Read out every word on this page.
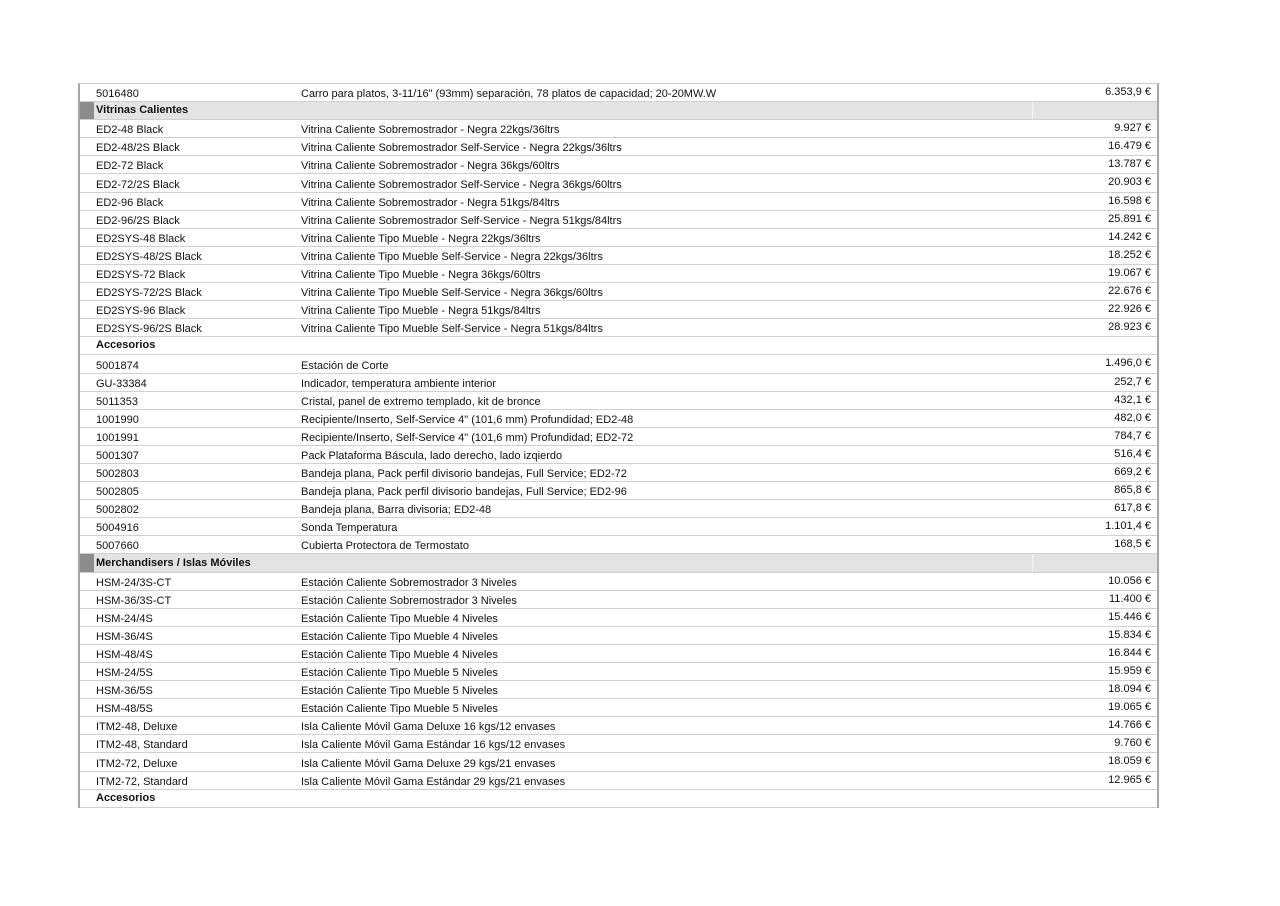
5016480	Carro para platos, 3-11/16" (93mm) separación, 78 platos de capacidad; 20-20MW.W	6.353,9 €
Vitrinas Calientes
ED2-48 Black	Vitrina Caliente Sobremostrador - Negra 22kgs/36ltrs	9.927 €
ED2-48/2S Black	Vitrina Caliente Sobremostrador Self-Service - Negra 22kgs/36ltrs	16.479 €
ED2-72 Black	Vitrina Caliente Sobremostrador - Negra 36kgs/60ltrs	13.787 €
ED2-72/2S Black	Vitrina Caliente Sobremostrador Self-Service - Negra 36kgs/60ltrs	20.903 €
ED2-96 Black	Vitrina Caliente Sobremostrador - Negra 51kgs/84ltrs	16.598 €
ED2-96/2S Black	Vitrina Caliente Sobremostrador Self-Service - Negra 51kgs/84ltrs	25.891 €
ED2SYS-48 Black	Vitrina Caliente Tipo Mueble - Negra 22kgs/36ltrs	14.242 €
ED2SYS-48/2S Black	Vitrina Caliente Tipo Mueble Self-Service - Negra 22kgs/36ltrs	18.252 €
ED2SYS-72 Black	Vitrina Caliente Tipo Mueble - Negra 36kgs/60ltrs	19.067 €
ED2SYS-72/2S Black	Vitrina Caliente Tipo Mueble Self-Service - Negra 36kgs/60ltrs	22.676 €
ED2SYS-96 Black	Vitrina Caliente Tipo Mueble - Negra 51kgs/84ltrs	22.926 €
ED2SYS-96/2S Black	Vitrina Caliente Tipo Mueble Self-Service - Negra 51kgs/84ltrs	28.923 €
Accesorios
5001874	Estación de Corte	1.496,0 €
GU-33384	Indicador, temperatura ambiente interior	252,7 €
5011353	Cristal, panel de extremo templado, kit de bronce	432,1 €
1001990	Recipiente/Inserto, Self-Service 4" (101,6 mm) Profundidad; ED2-48	482,0 €
1001991	Recipiente/Inserto, Self-Service 4" (101,6 mm) Profundidad; ED2-72	784,7 €
5001307	Pack Plataforma Báscula, lado derecho, lado izqierdo	516,4 €
5002803	Bandeja plana, Pack perfil divisorio bandejas, Full Service; ED2-72	669,2 €
5002805	Bandeja plana, Pack perfil divisorio bandejas, Full Service; ED2-96	865,8 €
5002802	Bandeja plana, Barra divisoria; ED2-48	617,8 €
5004916	Sonda Temperatura	1.101,4 €
5007660	Cubierta Protectora de Termostato	168,5 €
Merchandisers / Islas Móviles
HSM-24/3S-CT	Estación Caliente Sobremostrador 3 Niveles	10.056 €
HSM-36/3S-CT	Estación Caliente Sobremostrador 3 Niveles	11.400 €
HSM-24/4S	Estación Caliente Tipo Mueble 4 Niveles	15.446 €
HSM-36/4S	Estación Caliente Tipo Mueble 4 Niveles	15.834 €
HSM-48/4S	Estación Caliente Tipo Mueble 4 Niveles	16.844 €
HSM-24/5S	Estación Caliente Tipo Mueble 5 Niveles	15.959 €
HSM-36/5S	Estación Caliente Tipo Mueble 5 Niveles	18.094 €
HSM-48/5S	Estación Caliente Tipo Mueble 5 Niveles	19.065 €
ITM2-48, Deluxe	Isla Caliente Móvil Gama Deluxe 16 kgs/12 envases	14.766 €
ITM2-48, Standard	Isla Caliente Móvil Gama Estándar 16 kgs/12 envases	9.760 €
ITM2-72, Deluxe	Isla Caliente Móvil Gama Deluxe 29 kgs/21 envases	18.059 €
ITM2-72, Standard	Isla Caliente Móvil Gama Estándar 29 kgs/21 envases	12.965 €
Accesorios
